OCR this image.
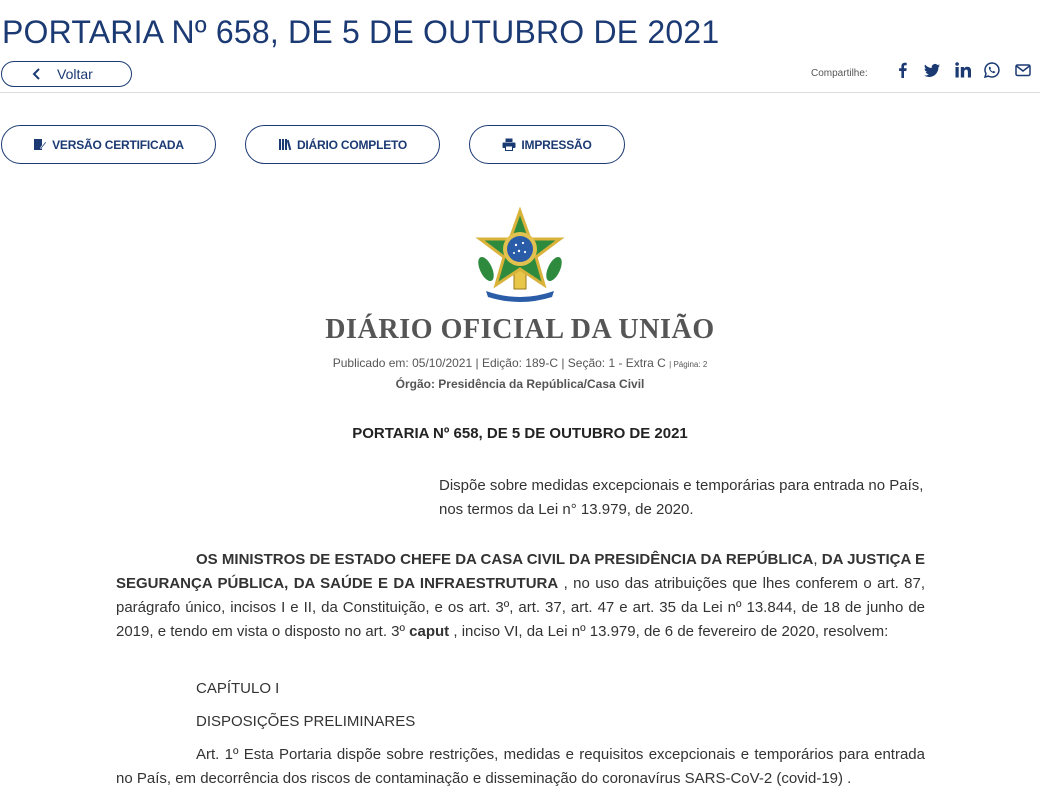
PORTARIA Nº 658, DE 5 DE OUTUBRO DE 2021
Voltar	Compartilhe:
VERSÃO CERTIFICADA	DIÁRIO COMPLETO	IMPRESSÃO
DIÁRIO OFICIAL DA UNIÃO
Publicado em: 05/10/2021 | Edição: 189-C | Seção: 1 - Extra C | Página: 2
Órgão: Presidência da República/Casa Civil
PORTARIA Nº 658, DE 5 DE OUTUBRO DE 2021
Dispõe sobre medidas excepcionais e temporárias para entrada no País, nos termos da Lei n° 13.979, de 2020.
OS MINISTROS DE ESTADO CHEFE DA CASA CIVIL DA PRESIDÊNCIA DA REPÚBLICA, DA JUSTIÇA E SEGURANÇA PÚBLICA, DA SAÚDE E DA INFRAESTRUTURA , no uso das atribuições que lhes conferem o art. 87, parágrafo único, incisos I e II, da Constituição, e os art. 3º, art. 37, art. 47 e art. 35 da Lei nº 13.844, de 18 de junho de 2019, e tendo em vista o disposto no art. 3º caput , inciso VI, da Lei nº 13.979, de 6 de fevereiro de 2020, resolvem:
CAPÍTULO I
DISPOSIÇÕES PRELIMINARES
Art. 1º Esta Portaria dispõe sobre restrições, medidas e requisitos excepcionais e temporários para entrada no País, em decorrência dos riscos de contaminação e disseminação do coronavírus SARS-CoV-2 (covid-19) .
